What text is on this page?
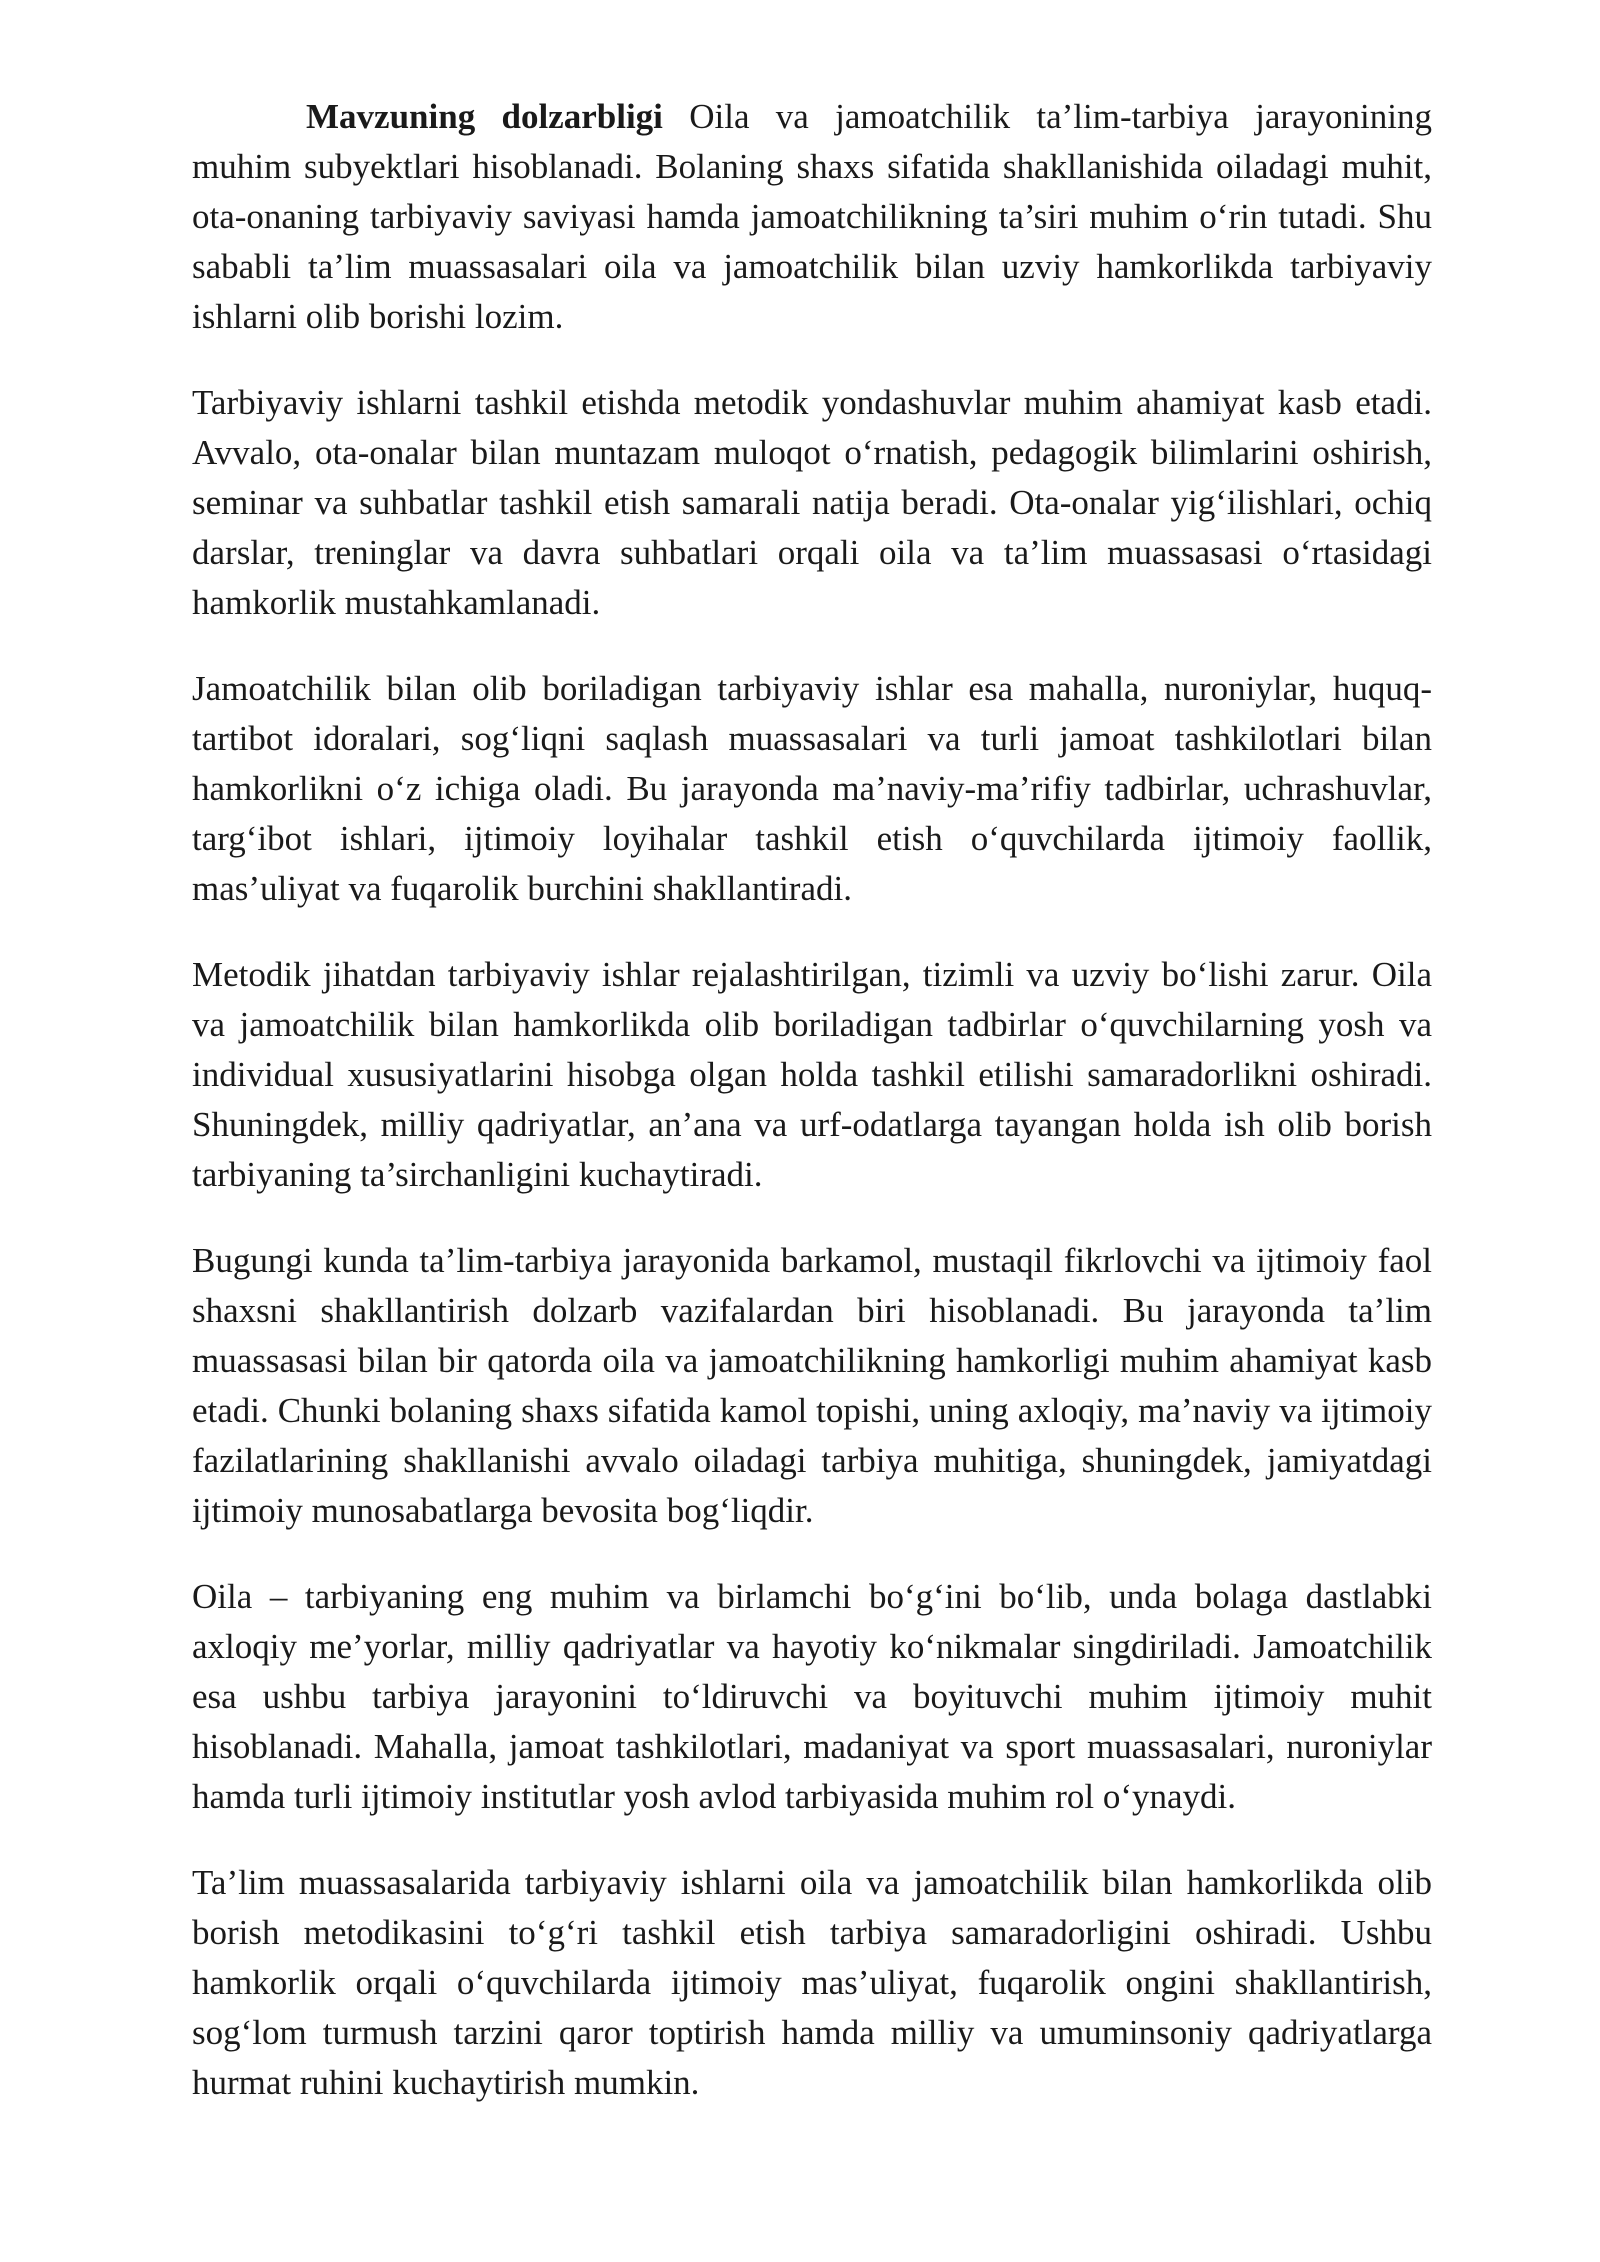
Mavzuning dolzarbligi Oila va jamoatchilik ta’lim-tarbiya jarayonining muhim subyektlari hisoblanadi. Bolaning shaxs sifatida shakllanishida oiladagi muhit, ota-onaning tarbiyaviy saviyasi hamda jamoatchilikning ta’siri muhim o‘rin tutadi. Shu sababli ta’lim muassasalari oila va jamoatchilik bilan uzviy hamkorlikda tarbiyaviy ishlarni olib borishi lozim.

Tarbiyaviy ishlarni tashkil etishda metodik yondashuvlar muhim ahamiyat kasb etadi. Avvalo, ota-onalar bilan muntazam muloqot o‘rnatish, pedagogik bilimlarini oshirish, seminar va suhbatlar tashkil etish samarali natija beradi. Ota-onalar yig‘ilishlari, ochiq darslar, treninglar va davra suhbatlari orqali oila va ta’lim muassasasi o‘rtasidagi hamkorlik mustahkamlanadi.

Jamoatchilik bilan olib boriladigan tarbiyaviy ishlar esa mahalla, nuroniylar, huquq-tartibot idoralari, sog‘liqni saqlash muassasalari va turli jamoat tashkilotlari bilan hamkorlikni o‘z ichiga oladi. Bu jarayonda ma’naviy-ma’rifiy tadbirlar, uchrashuvlar, targ‘ibot ishlari, ijtimoiy loyihalar tashkil etish o‘quvchilarda ijtimoiy faollik, mas’uliyat va fuqarolik burchini shakllantiradi.

Metodik jihatdan tarbiyaviy ishlar rejalashtirilgan, tizimli va uzviy bo‘lishi zarur. Oila va jamoatchilik bilan hamkorlikda olib boriladigan tadbirlar o‘quvchilarning yosh va individual xususiyatlarini hisobga olgan holda tashkil etilishi samaradorlikni oshiradi. Shuningdek, milliy qadriyatlar, an’ana va urf-odatlarga tayangan holda ish olib borish tarbiyaning ta’sirchanligini kuchaytiradi.

Bugungi kunda ta’lim-tarbiya jarayonida barkamol, mustaqil fikrlovchi va ijtimoiy faol shaxsni shakllantirish dolzarb vazifalardan biri hisoblanadi. Bu jarayonda ta’lim muassasasi bilan bir qatorda oila va jamoatchilikning hamkorligi muhim ahamiyat kasb etadi. Chunki bolaning shaxs sifatida kamol topishi, uning axloqiy, ma’naviy va ijtimoiy fazilatlarining shakllanishi avvalo oiladagi tarbiya muhitiga, shuningdek, jamiyatdagi ijtimoiy munosabatlarga bevosita bog‘liqdir.

Oila – tarbiyaning eng muhim va birlamchi bo‘g‘ini bo‘lib, unda bolaga dastlabki axloqiy me’yorlar, milliy qadriyatlar va hayotiy ko‘nikmalar singdiriladi. Jamoatchilik esa ushbu tarbiya jarayonini to‘ldiruvchi va boyituvchi muhim ijtimoiy muhit hisoblanadi. Mahalla, jamoat tashkilotlari, madaniyat va sport muassasalari, nuroniylar hamda turli ijtimoiy institutlar yosh avlod tarbiyasida muhim rol o‘ynaydi.

Ta’lim muassasalarida tarbiyaviy ishlarni oila va jamoatchilik bilan hamkorlikda olib borish metodikasini to‘g‘ri tashkil etish tarbiya samaradorligini oshiradi. Ushbu hamkorlik orqali o‘quvchilarda ijtimoiy mas’uliyat, fuqarolik ongini shakllantirish, sog‘lom turmush tarzini qaror toptirish hamda milliy va umuminsoniy qadriyatlarga hurmat ruhini kuchaytirish mumkin.
